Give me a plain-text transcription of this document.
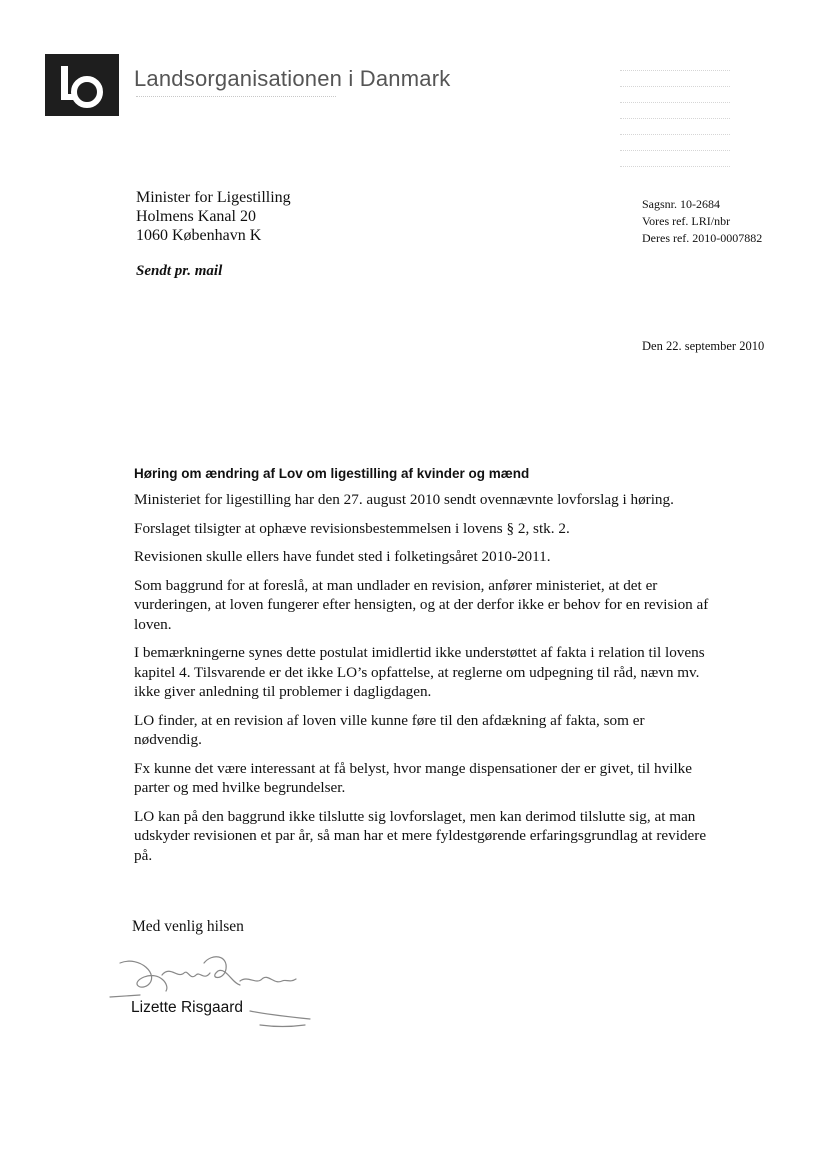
Landsorganisationen i Danmark
Minister for Ligestilling
Holmens Kanal 20
1060 København K
Sagsnr. 10-2684
Vores ref. LRI/nbr
Deres ref. 2010-0007882
Sendt pr. mail
Den 22. september 2010
Høring om ændring af Lov om ligestilling af kvinder og mænd

Ministeriet for ligestilling har den 27. august 2010 sendt ovennævnte lovforslag i høring.

Forslaget tilsigter at ophæve revisionsbestemmelsen i lovens § 2, stk. 2.

Revisionen skulle ellers have fundet sted i folketingsåret 2010-2011.

Som baggrund for at foreslå, at man undlader en revision, anfører ministeriet, at det er vurderingen, at loven fungerer efter hensigten, og at der derfor ikke er behov for en revision af loven.

I bemærkningerne synes dette postulat imidlertid ikke understøttet af fakta i relation til lovens kapitel 4. Tilsvarende er det ikke LO’s opfattelse, at reglerne om udpegning til råd, nævn mv. ikke giver anledning til problemer i dagligdagen.

LO finder, at en revision af loven ville kunne føre til den afdækning af fakta, som er nødvendig.

Fx kunne det være interessant at få belyst, hvor mange dispensationer der er givet, til hvilke parter og med hvilke begrundelser.

LO kan på den baggrund ikke tilslutte sig lovforslaget, men kan derimod tilslutte sig, at man udskyder revisionen et par år, så man har et mere fyldestgørende erfaringsgrundlag at revidere på.

Med venlig hilsen
Lizette Risgaard
